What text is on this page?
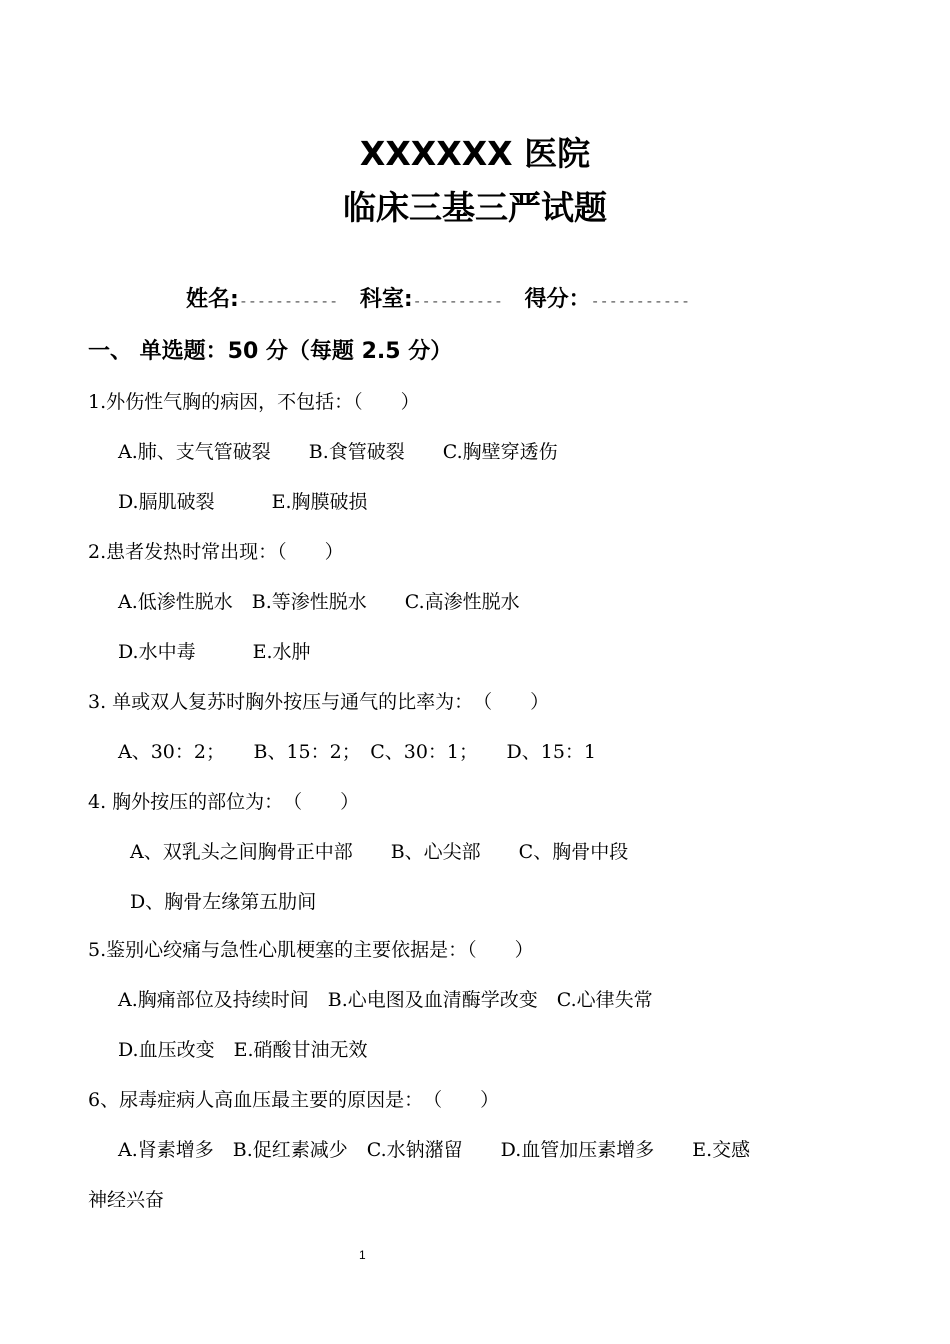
XXXXXX 医院
临床三基三严试题
姓名:----------- 科室:---------- 得分：-----------
一、 单选题：50 分（每题 2.5 分）
1.外伤性气胸的病因，不包括：（　　）
A.肺、支气管破裂　　B.食管破裂　　C.胸壁穿透伤
D.膈肌破裂　　　E.胸膜破损
2.患者发热时常出现：（　　）
A.低渗性脱水　B.等渗性脱水　　C.高渗性脱水
D.水中毒　　　E.水肿
3. 单或双人复苏时胸外按压与通气的比率为：　（　　）
A、30：2；　　B、15：2；　C、30：1；　　D、15：1
4. 胸外按压的部位为：　（　　）
A、双乳头之间胸骨正中部　　B、心尖部　　C、胸骨中段
D、胸骨左缘第五肋间
5.鉴别心绞痛与急性心肌梗塞的主要依据是：（　　）
A.胸痛部位及持续时间　B.心电图及血清酶学改变　C.心律失常
D.血压改变　E.硝酸甘油无效
6、尿毒症病人高血压最主要的原因是：　（　　）
A.肾素增多　B.促红素减少　C.水钠潴留　　D.血管加压素增多　　E.交感
神经兴奋
1
